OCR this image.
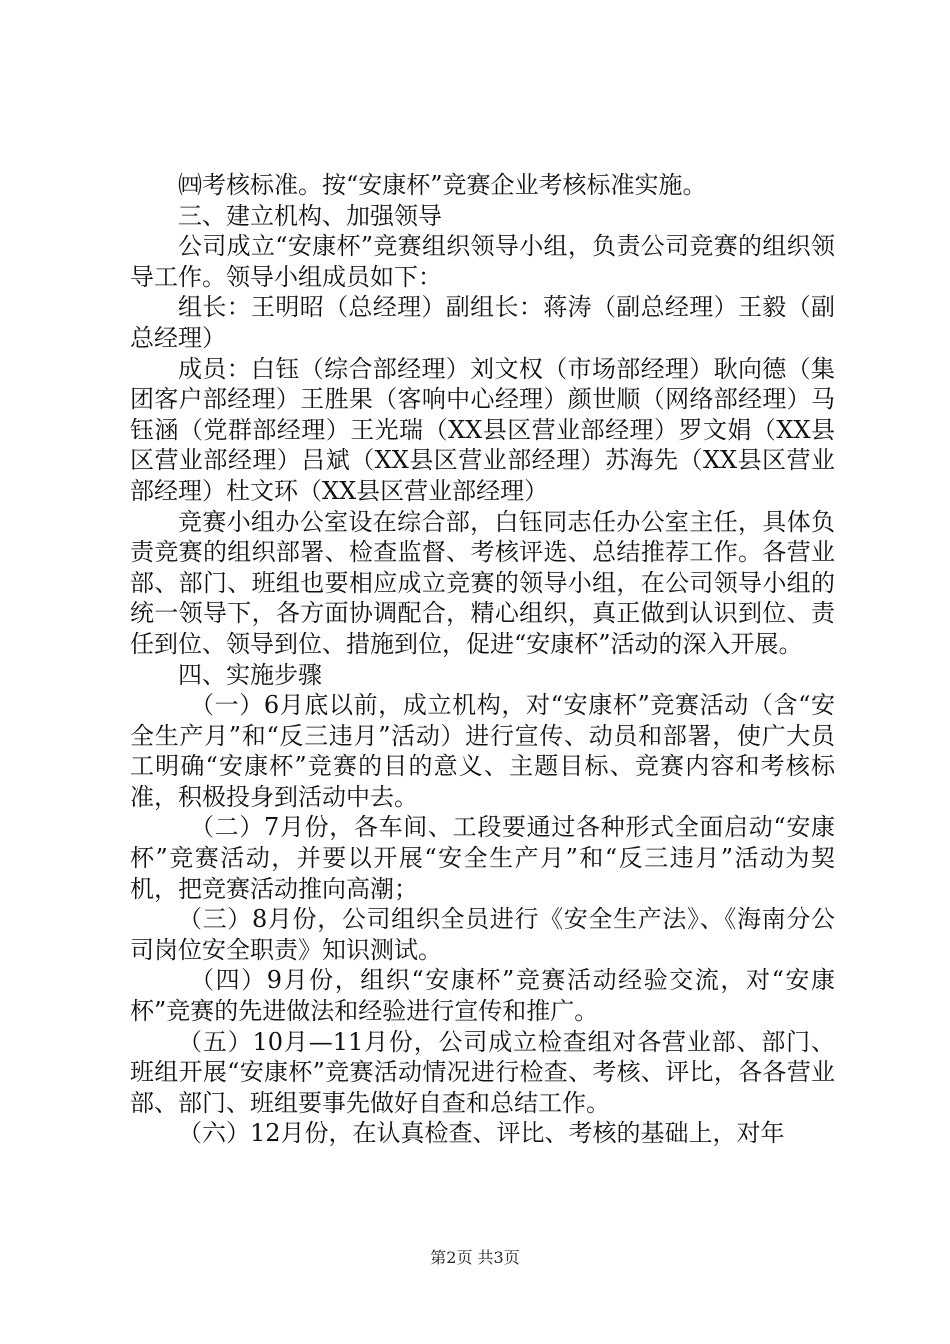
㈣考核标准。按“安康杯”竞赛企业考核标准实施。

三、建立机构、加强领导

公司成立“安康杯”竞赛组织领导小组，负责公司竞赛的组织领导工作。领导小组成员如下：

组长：王明昭（总经理）副组长：蒋涛（副总经理）王毅（副总经理）

成员：白钰（综合部经理）刘文权（市场部经理）耿向德（集团客户部经理）王胜果（客响中心经理）颜世顺（网络部经理）马钰涵（党群部经理）王光瑞（XX县区营业部经理）罗文娟（XX县区营业部经理）吕斌（XX县区营业部经理）苏海先（XX县区营业部经理）杜文环（XX县区营业部经理）

竞赛小组办公室设在综合部，白钰同志任办公室主任，具体负责竞赛的组织部署、检查监督、考核评选、总结推荐工作。各营业部、部门、班组也要相应成立竞赛的领导小组，在公司领导小组的统一领导下，各方面协调配合，精心组织，真正做到认识到位、责任到位、领导到位、措施到位，促进“安康杯”活动的深入开展。

四、实施步骤

（一）6月底以前，成立机构，对“安康杯”竞赛活动（含“安全生产月”和“反三违月”活动）进行宣传、动员和部署，使广大员工明确“安康杯”竞赛的目的意义、主题目标、竞赛内容和考核标准，积极投身到活动中去。

（二）7月份，各车间、工段要通过各种形式全面启动“安康杯”竞赛活动，并要以开展“安全生产月”和“反三违月”活动为契机，把竞赛活动推向高潮；

（三）8月份，公司组织全员进行《安全生产法》、《海南分公司岗位安全职责》知识测试。

（四）9月份，组织“安康杯”竞赛活动经验交流，对“安康杯”竞赛的先进做法和经验进行宣传和推广。

（五）10月—11月份，公司成立检查组对各营业部、部门、班组开展“安康杯”竞赛活动情况进行检查、考核、评比，各各营业部、部门、班组要事先做好自查和总结工作。

（六）12月份，在认真检查、评比、考核的基础上，对年

第2页 共3页
